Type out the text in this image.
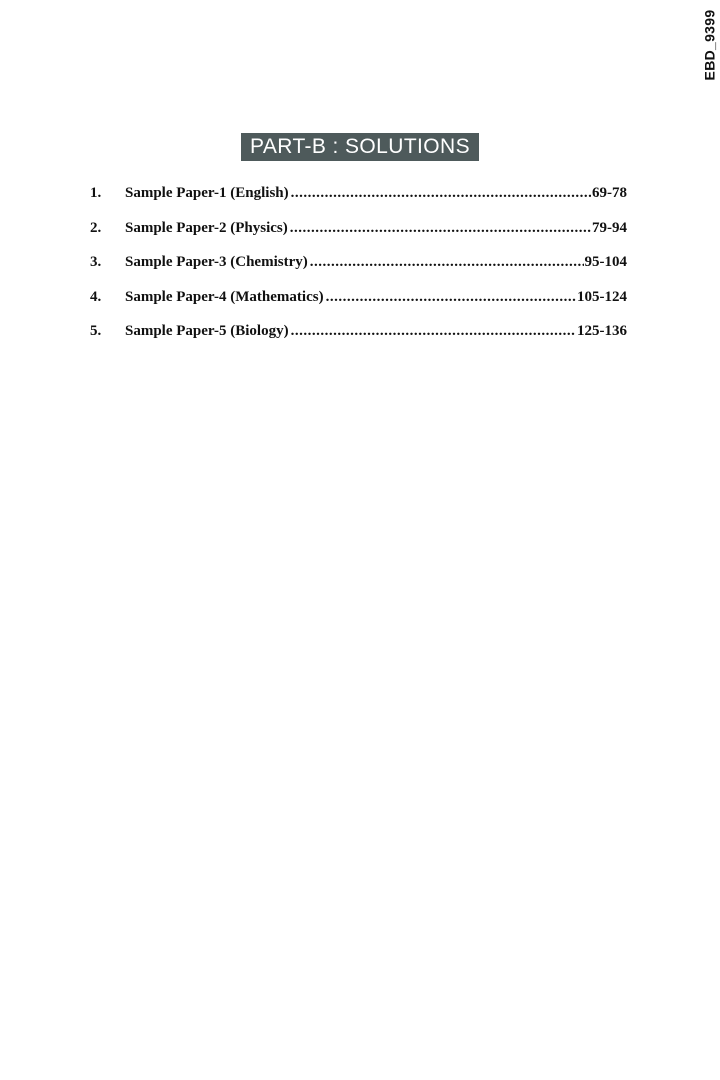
EBD_9399
PART-B : SOLUTIONS
1.	Sample Paper-1 (English) .....	69-78
2.	Sample Paper-2 (Physics) .....	79-94
3.	Sample Paper-3 (Chemistry) .....	95-104
4.	Sample Paper-4 (Mathematics) .....	105-124
5.	Sample Paper-5 (Biology) .....	125-136
